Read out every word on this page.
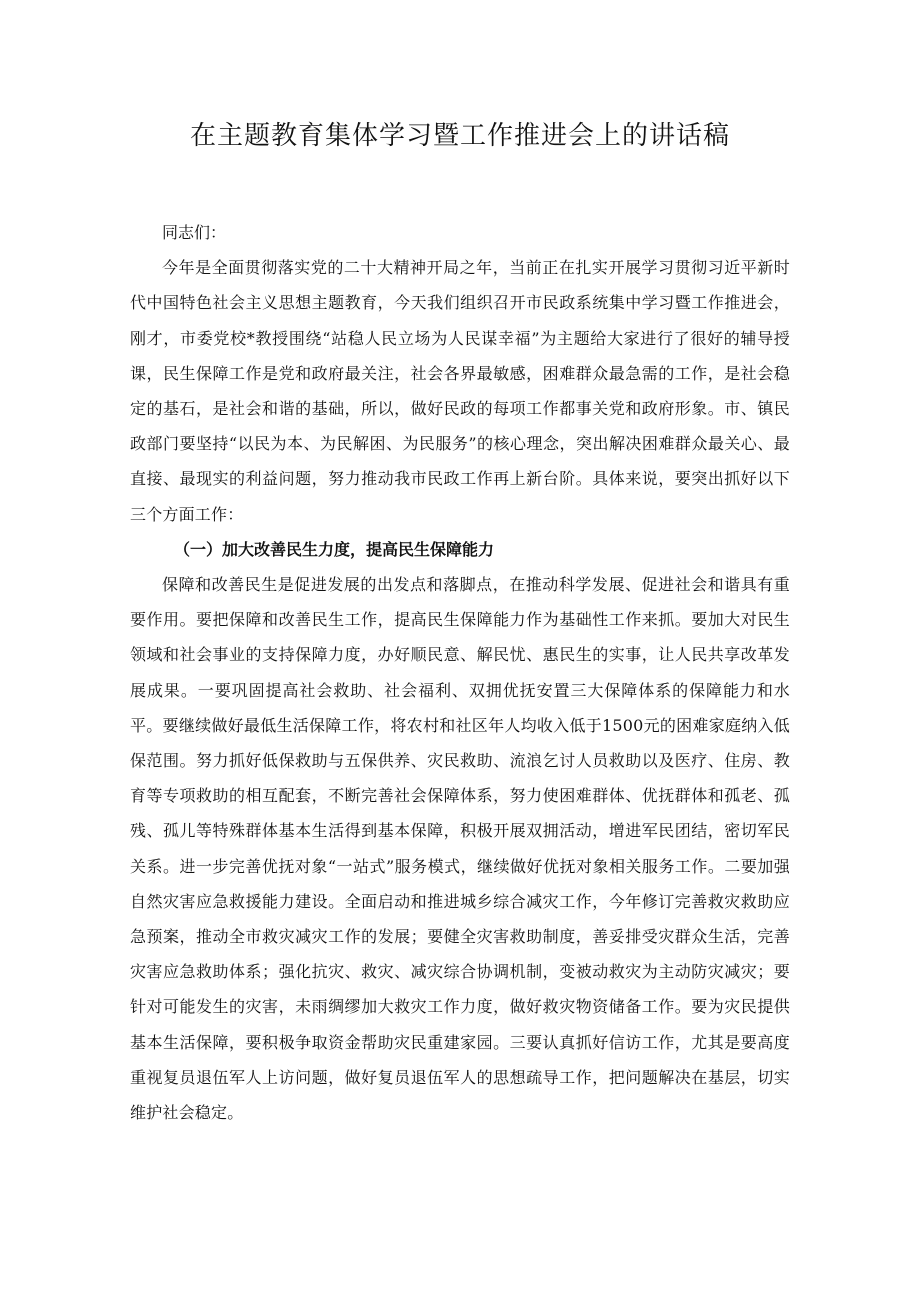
在主题教育集体学习暨工作推进会上的讲话稿

同志们：

今年是全面贯彻落实党的二十大精神开局之年，当前正在扎实开展学习贯彻习近平新时代中国特色社会主义思想主题教育，今天我们组织召开市民政系统集中学习暨工作推进会，刚才，市委党校*教授围绕“站稳人民立场为人民谋幸福”为主题给大家进行了很好的辅导授课，民生保障工作是党和政府最关注，社会各界最敏感，困难群众最急需的工作，是社会稳定的基石，是社会和谐的基础，所以，做好民政的每项工作都事关党和政府形象。市、镇民政部门要坚持“以民为本、为民解困、为民服务”的核心理念，突出解决困难群众最关心、最直接、最现实的利益问题，努力推动我市民政工作再上新台阶。具体来说，要突出抓好以下三个方面工作：

（一）加大改善民生力度，提高民生保障能力

保障和改善民生是促进发展的出发点和落脚点，在推动科学发展、促进社会和谐具有重要作用。要把保障和改善民生工作，提高民生保障能力作为基础性工作来抓。要加大对民生领域和社会事业的支持保障力度，办好顺民意、解民忧、惠民生的实事，让人民共享改革发展成果。一要巩固提高社会救助、社会福利、双拥优抚安置三大保障体系的保障能力和水平。要继续做好最低生活保障工作，将农村和社区年人均收入低于1500元的困难家庭纳入低保范围。努力抓好低保救助与五保供养、灾民救助、流浪乞讨人员救助以及医疗、住房、教育等专项救助的相互配套，不断完善社会保障体系，努力使困难群体、优抚群体和孤老、孤残、孤儿等特殊群体基本生活得到基本保障，积极开展双拥活动，增进军民团结，密切军民关系。进一步完善优抚对象“一站式”服务模式，继续做好优抚对象相关服务工作。二要加强自然灾害应急救援能力建设。全面启动和推进城乡综合减灾工作，今年修订完善救灾救助应急预案，推动全市救灾减灾工作的发展；要健全灾害救助制度，善妥排受灾群众生活，完善灾害应急救助体系；强化抗灾、救灾、减灾综合协调机制，变被动救灾为主动防灾减灾；要针对可能发生的灾害，未雨绸缪加大救灾工作力度，做好救灾物资储备工作。要为灾民提供基本生活保障，要积极争取资金帮助灾民重建家园。三要认真抓好信访工作，尤其是要高度重视复员退伍军人上访问题，做好复员退伍军人的思想疏导工作，把问题解决在基层，切实维护社会稳定。
